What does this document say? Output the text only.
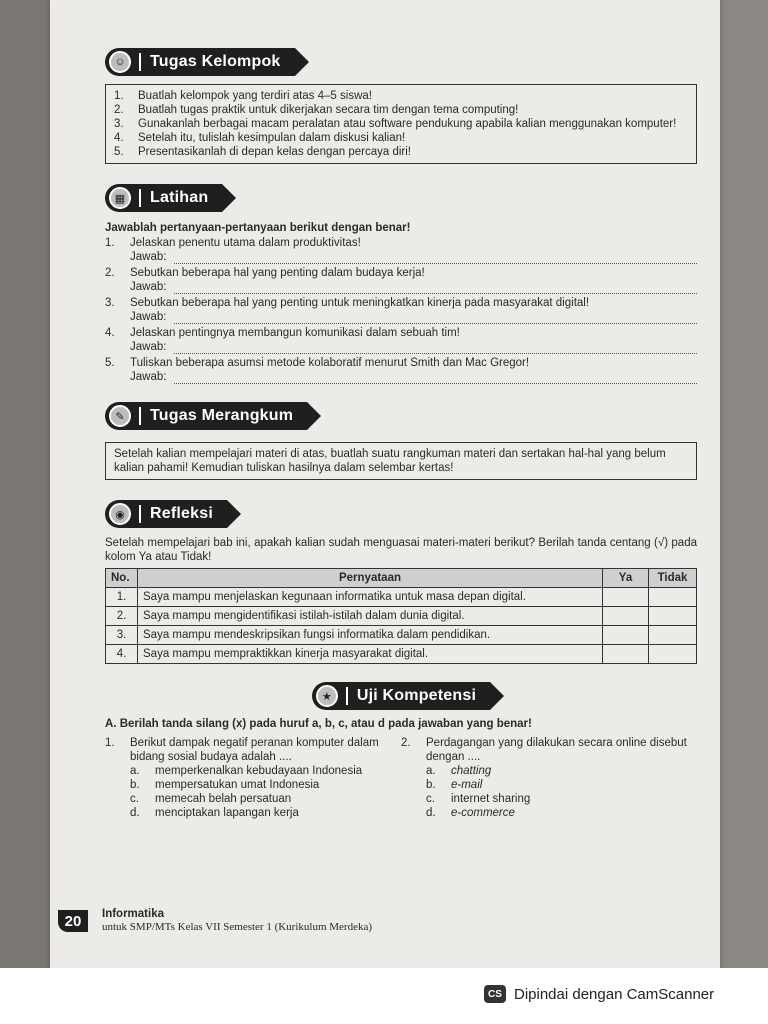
☺	Tugas Kelompok
1.	Buatlah kelompok yang terdiri atas 4–5 siswa!
2.	Buatlah tugas praktik untuk dikerjakan secara tim dengan tema computing!
3.	Gunakanlah berbagai macam peralatan atau software pendukung apabila kalian menggunakan komputer!
4.	Setelah itu, tulislah kesimpulan dalam diskusi kalian!
5.	Presentasikanlah di depan kelas dengan percaya diri!
▦	Latihan
Jawablah pertanyaan-pertanyaan berikut dengan benar!
1.	Jelaskan penentu utama dalam produktivitas!
Jawab:
2.	Sebutkan beberapa hal yang penting dalam budaya kerja!
Jawab:
3.	Sebutkan beberapa hal yang penting untuk meningkatkan kinerja pada masyarakat digital!
Jawab:
4.	Jelaskan pentingnya membangun komunikasi dalam sebuah tim!
Jawab:
5.	Tuliskan beberapa asumsi metode kolaboratif menurut Smith dan Mac Gregor!
Jawab:
✎	Tugas Merangkum
Setelah kalian mempelajari materi di atas, buatlah suatu rangkuman materi dan sertakan hal-hal yang belum kalian pahami! Kemudian tuliskan hasilnya dalam selembar kertas!
◉	Refleksi
Setelah mempelajari bab ini, apakah kalian sudah menguasai materi-materi berikut? Berilah tanda centang (√) pada kolom Ya atau Tidak!
No.	Pernyataan	Ya	Tidak
1.	Saya mampu menjelaskan kegunaan informatika untuk masa depan digital.		
2.	Saya mampu mengidentifikasi istilah-istilah dalam dunia digital.		
3.	Saya mampu mendeskripsikan fungsi informatika dalam pendidikan.		
4.	Saya mampu mempraktikkan kinerja masyarakat digital.		
★	Uji Kompetensi
A. Berilah tanda silang (x) pada huruf a, b, c, atau d pada jawaban yang benar!
1.	Berikut dampak negatif peranan komputer dalam bidang sosial budaya adalah ....
a.	memperkenalkan kebudayaan Indonesia
b.	mempersatukan umat Indonesia
c.	memecah belah persatuan
d.	menciptakan lapangan kerja
2.	Perdagangan yang dilakukan secara online disebut dengan ....
a.	chatting
b.	e-mail
c.	internet sharing
d.	e-commerce
20	Informatika
untuk SMP/MTs Kelas VII Semester 1 (Kurikulum Merdeka)
CS Dipindai dengan CamScanner
